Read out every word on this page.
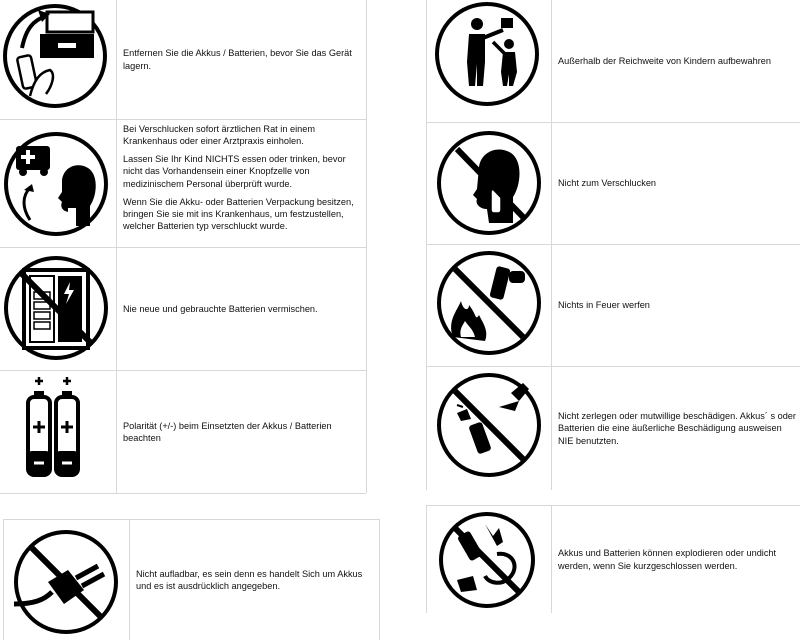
Entfernen Sie die Akkus / Batterien, bevor Sie das Gerät lagern.

Bei Verschlucken sofort ärztlichen Rat in einem Krankenhaus oder einer Arztpraxis einholen.

Lassen Sie Ihr Kind NICHTS essen oder trinken, bevor nicht das Vorhandensein einer Knopfzelle von medizinischem Personal überprüft wurde.

Wenn Sie die Akku- oder Batterien Verpackung besitzen, bringen Sie sie mit ins Krankenhaus, um festzustellen, welcher Batterien typ verschluckt wurde.

Nie neue und gebrauchte Batterien vermischen.

Polarität (+/-) beim Einsetzten der Akkus / Batterien beachten

Nicht aufladbar, es sein denn es handelt Sich um Akkus und es ist ausdrücklich angegeben.

Außerhalb der Reichweite von Kindern aufbewahren

Nicht zum Verschlucken

Nichts in Feuer werfen

Nicht zerlegen oder mutwillige beschädigen. Akkus´ s oder Batterien die eine äußerliche Beschädigung ausweisen NIE benutzten.

Akkus und Batterien können explodieren oder undicht werden, wenn Sie kurzgeschlossen werden.
